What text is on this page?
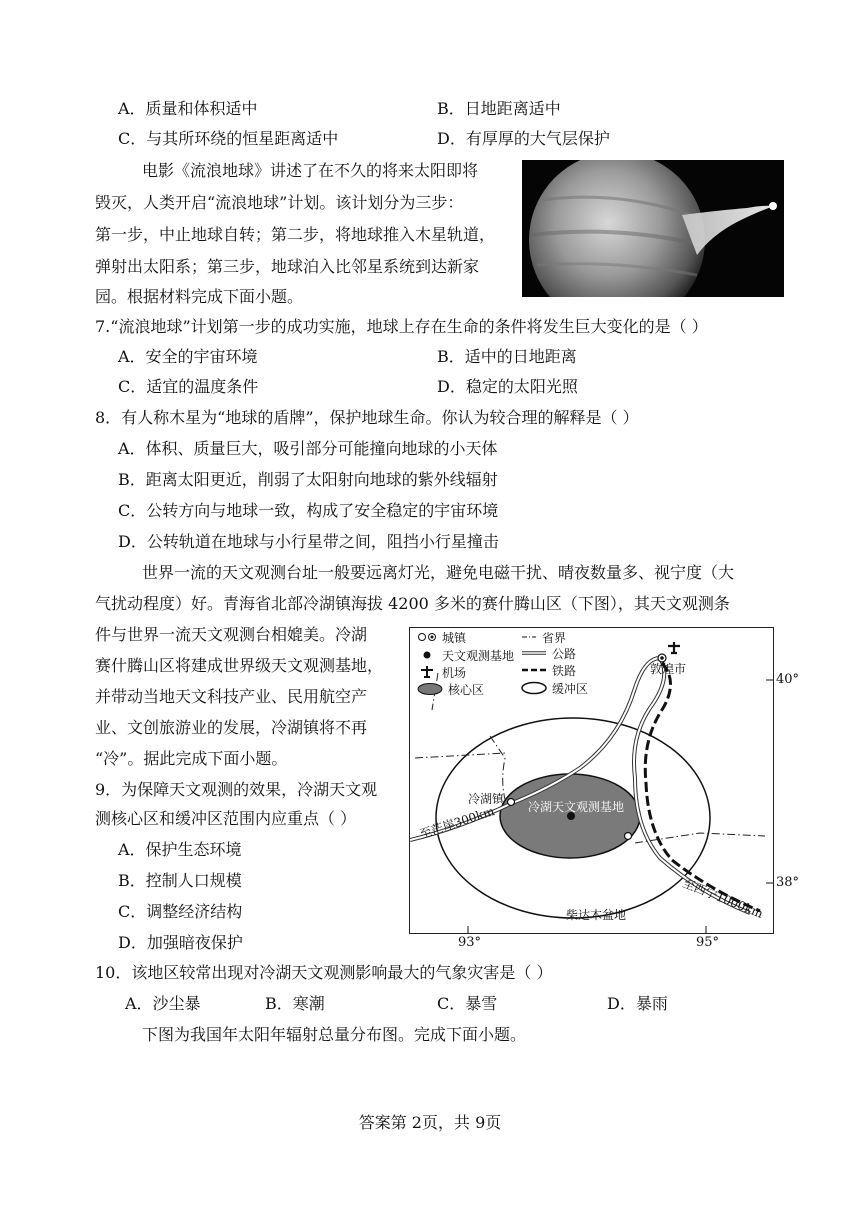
A．质量和体积适中	B．日地距离适中
C．与其所环绕的恒星距离适中	D．有厚厚的大气层保护
电影《流浪地球》讲述了在不久的将来太阳即将
毁灭，人类开启“流浪地球”计划。该计划分为三步：
第一步，中止地球自转；第二步，将地球推入木星轨道，
弹射出太阳系；第三步，地球泊入比邻星系统到达新家
园。根据材料完成下面小题。
7.“流浪地球”计划第一步的成功实施，地球上存在生命的条件将发生巨大变化的是（ ）
A．安全的宇宙环境	B．适中的日地距离
C．适宜的温度条件	D．稳定的太阳光照
8．有人称木星为“地球的盾牌”，保护地球生命。你认为较合理的解释是（ ）
A．体积、质量巨大，吸引部分可能撞向地球的小天体
B．距离太阳更近，削弱了太阳射向地球的紫外线辐射
C．公转方向与地球一致，构成了安全稳定的宇宙环境
D．公转轨道在地球与小行星带之间，阻挡小行星撞击
世界一流的天文观测台址一般要远离灯光，避免电磁干扰、晴夜数量多、视宁度（大
气扰动程度）好。青海省北部冷湖镇海拔 4200 多米的赛什腾山区（下图），其天文观测条
件与世界一流天文观测台相媲美。冷湖
赛什腾山区将建成世界级天文观测基地，
并带动当地天文科技产业、民用航空产
业、文创旅游业的发展，冷湖镇将不再
“冷”。据此完成下面小题。
9．为保障天文观测的效果，冷湖天文观
测核心区和缓冲区范围内应重点（ ）
A．保护生态环境
B．控制人口规模
C．调整经济结构
D．加强暗夜保护
城镇
天文观测基地
机场
核心区
省界
公路
铁路
缓冲区
敦煌市
冷湖镇
冷湖天文观测基地
至茫崖300km
至西宁1000km
柴达木盆地
40°
38°
93°	95°
10．该地区较常出现对冷湖天文观测影响最大的气象灾害是（ ）
A．沙尘暴	B．寒潮	C．暴雪	D．暴雨
下图为我国年太阳年辐射总量分布图。完成下面小题。
答案第 2页，共 9页
